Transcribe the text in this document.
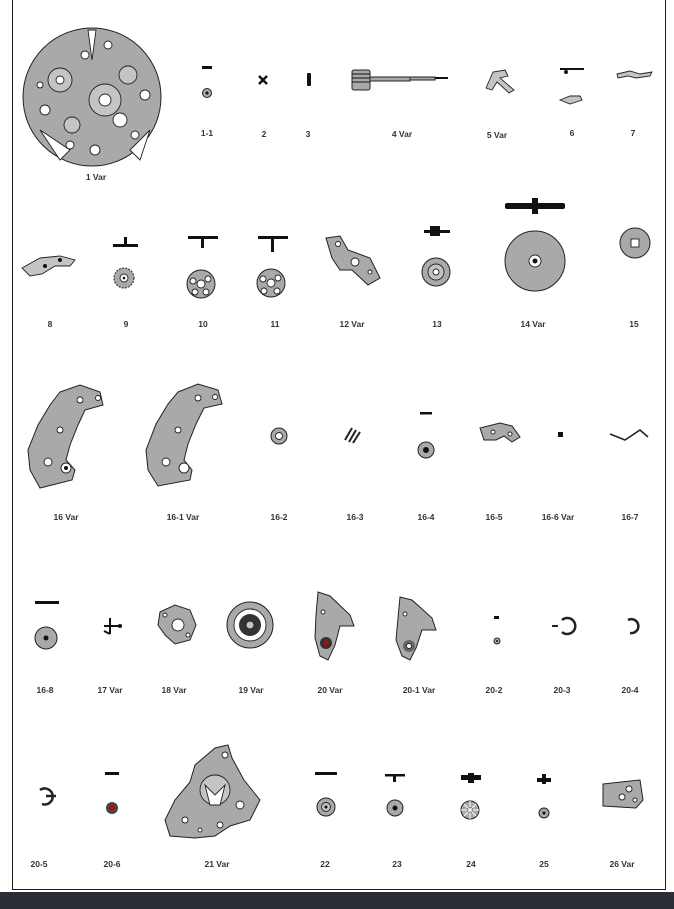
1 Var
1-1	2	3	4 Var	5 Var	6	7
8	9	10	11	12 Var	13	14 Var	15
16 Var	16-1 Var	16-2	16-3	16-4	16-5	16-6 Var	16-7
16-8	17 Var	18 Var	19 Var	20 Var	20-1 Var	20-2	20-3	20-4
20-5	20-6	21 Var	22	23	24	25	26 Var
